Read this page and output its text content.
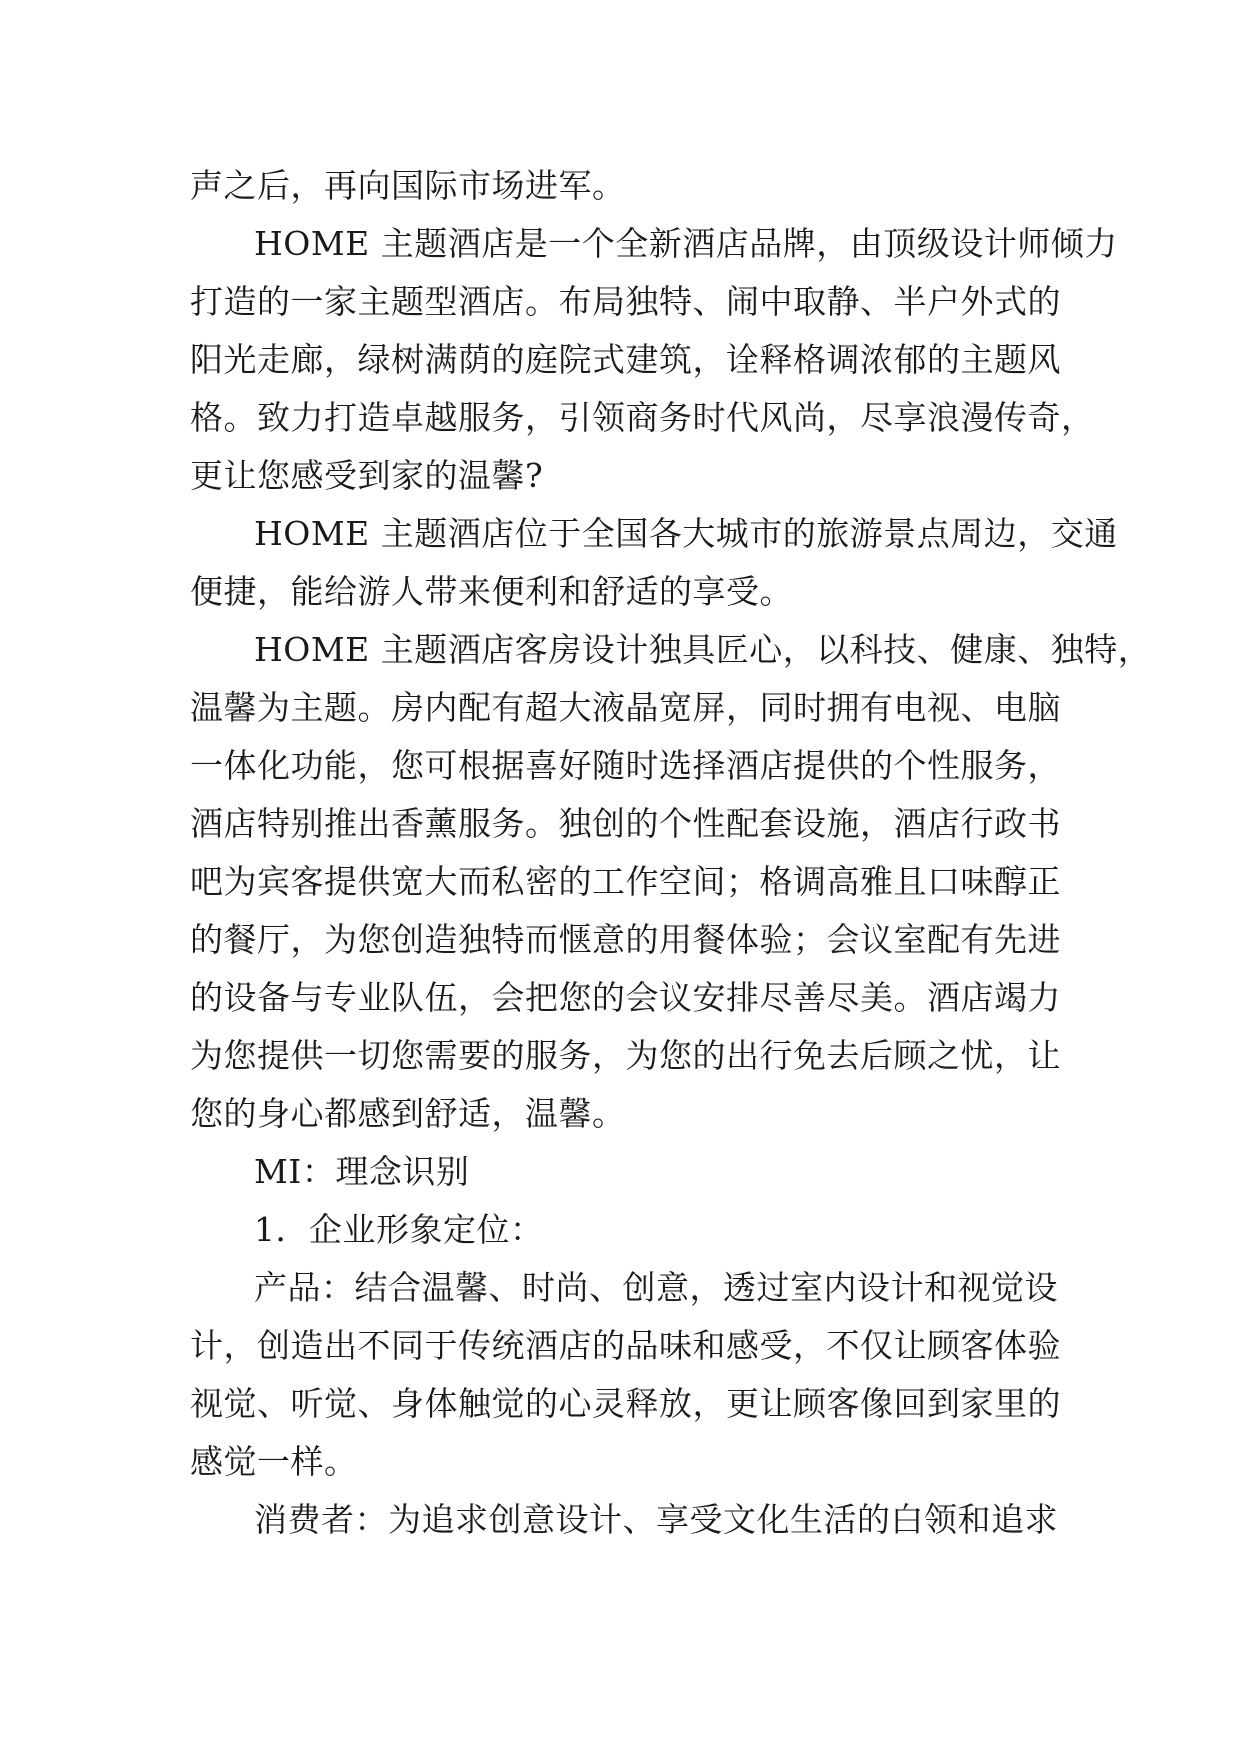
声之后，再向国际市场进军。
HOME 主题酒店是一个全新酒店品牌，由顶级设计师倾力
打造的一家主题型酒店。布局独特、闹中取静、半户外式的
阳光走廊，绿树满荫的庭院式建筑，诠释格调浓郁的主题风
格。致力打造卓越服务，引领商务时代风尚，尽享浪漫传奇，
更让您感受到家的温馨?
HOME 主题酒店位于全国各大城市的旅游景点周边，交通
便捷，能给游人带来便利和舒适的享受。
HOME 主题酒店客房设计独具匠心，以科技、健康、独特，
温馨为主题。房内配有超大液晶宽屏，同时拥有电视、电脑
一体化功能，您可根据喜好随时选择酒店提供的个性服务，
酒店特别推出香薰服务。独创的个性配套设施，酒店行政书
吧为宾客提供宽大而私密的工作空间；格调高雅且口味醇正
的餐厅，为您创造独特而惬意的用餐体验；会议室配有先进
的设备与专业队伍，会把您的会议安排尽善尽美。酒店竭力
为您提供一切您需要的服务，为您的出行免去后顾之忧，让
您的身心都感到舒适，温馨。
MI：理念识别
1．企业形象定位：
产品：结合温馨、时尚、创意，透过室内设计和视觉设
计，创造出不同于传统酒店的品味和感受，不仅让顾客体验
视觉、听觉、身体触觉的心灵释放，更让顾客像回到家里的
感觉一样。
消费者：为追求创意设计、享受文化生活的白领和追求
